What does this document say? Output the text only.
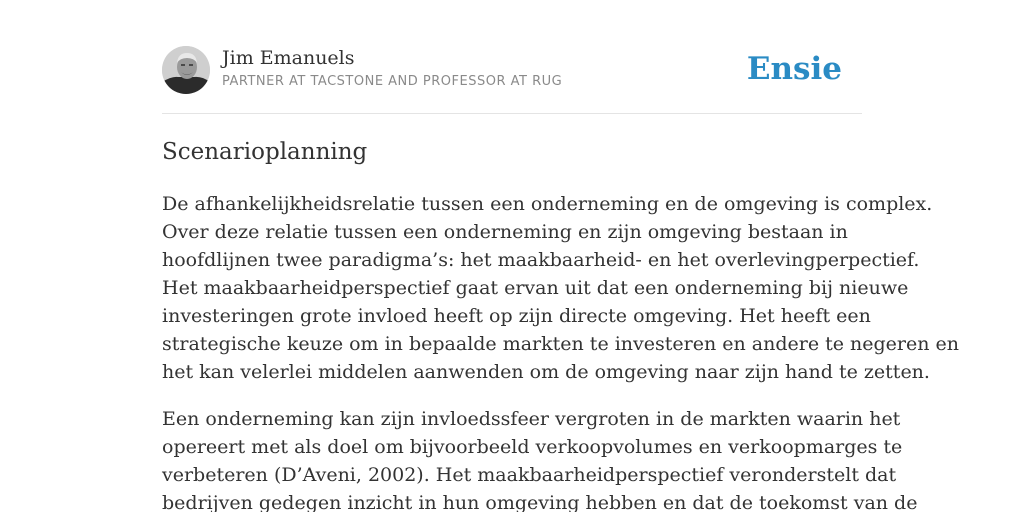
Jim Emanuels
PARTNER AT TACSTONE AND PROFESSOR AT RUG	Ensie
Scenarioplanning

De afhankelijkheidsrelatie tussen een onderneming en de omgeving is complex.
Over deze relatie tussen een onderneming en zijn omgeving bestaan in
hoofdlijnen twee paradigma’s: het maakbaarheid- en het overlevingperpectief.
Het maakbaarheidperspectief gaat ervan uit dat een onderneming bij nieuwe
investeringen grote invloed heeft op zijn directe omgeving. Het heeft een
strategische keuze om in bepaalde markten te investeren en andere te negeren en
het kan velerlei middelen aanwenden om de omgeving naar zijn hand te zetten.

Een onderneming kan zijn invloedssfeer vergroten in de markten waarin het
opereert met als doel om bijvoorbeeld verkoopvolumes en verkoopmarges te
verbeteren (D’Aveni, 2002). Het maakbaarheidperspectief veronderstelt dat
bedrijven gedegen inzicht in hun omgeving hebben en dat de toekomst van de
